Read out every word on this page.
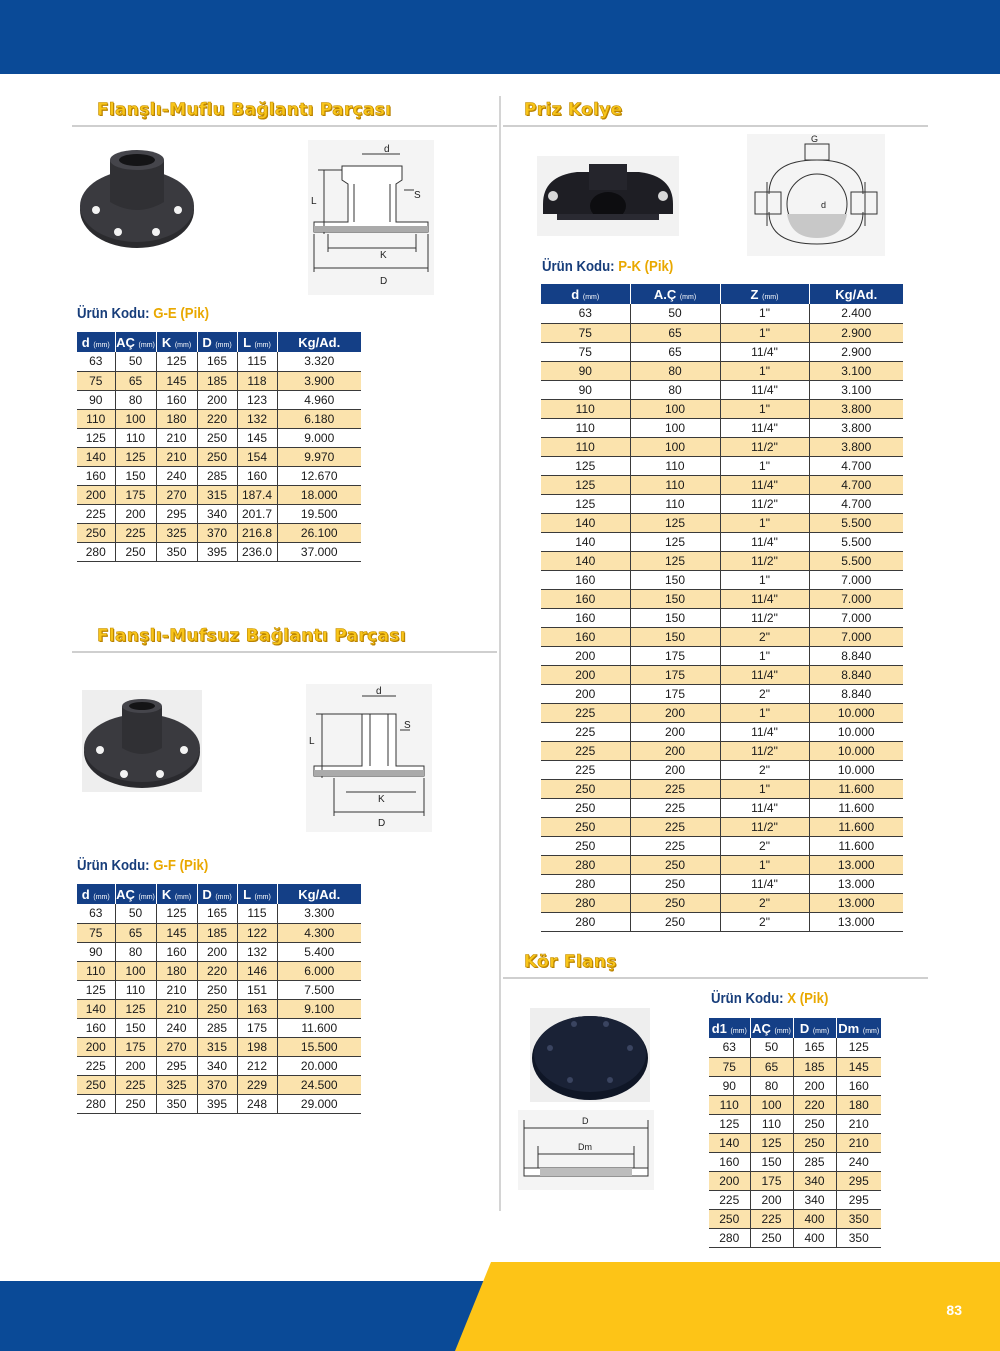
83
Flanşlı-Muflu Bağlantı Parçası
d
S
L
K
D
Ürün Kodu: G-E (Pik)
d (mm)	AÇ (mm)	K (mm)	D (mm)	L (mm)	Kg/Ad.
63	50	125	165	115	3.320
75	65	145	185	118	3.900
90	80	160	200	123	4.960
110	100	180	220	132	6.180
125	110	210	250	145	9.000
140	125	210	250	154	9.970
160	150	240	285	160	12.670
200	175	270	315	187.4	18.000
225	200	295	340	201.7	19.500
250	225	325	370	216.8	26.100
280	250	350	395	236.0	37.000
Flanşlı-Mufsuz Bağlantı Parçası
d
S
L
K
D
Ürün Kodu: G-F (Pik)
d (mm)	AÇ (mm)	K (mm)	D (mm)	L (mm)	Kg/Ad.
63	50	125	165	115	3.300
75	65	145	185	122	4.300
90	80	160	200	132	5.400
110	100	180	220	146	6.000
125	110	210	250	151	7.500
140	125	210	250	163	9.100
160	150	240	285	175	11.600
200	175	270	315	198	15.500
225	200	295	340	212	20.000
250	225	325	370	229	24.500
280	250	350	395	248	29.000
Priz Kolye
G
d
Ürün Kodu: P-K (Pik)
d (mm)	A.Ç (mm)	Z (mm)	Kg/Ad.
63	50	1"	2.400
75	65	1"	2.900
75	65	11/4"	2.900
90	80	1"	3.100
90	80	11/4"	3.100
110	100	1"	3.800
110	100	11/4"	3.800
110	100	11/2"	3.800
125	110	1"	4.700
125	110	11/4"	4.700
125	110	11/2"	4.700
140	125	1"	5.500
140	125	11/4"	5.500
140	125	11/2"	5.500
160	150	1"	7.000
160	150	11/4"	7.000
160	150	11/2"	7.000
160	150	2"	7.000
200	175	1"	8.840
200	175	11/4"	8.840
200	175	2"	8.840
225	200	1"	10.000
225	200	11/4"	10.000
225	200	11/2"	10.000
225	200	2"	10.000
250	225	1"	11.600
250	225	11/4"	11.600
250	225	11/2"	11.600
250	225	2"	11.600
280	250	1"	13.000
280	250	11/4"	13.000
280	250	2"	13.000
280	250	2"	13.000
Kör Flanş
D
Dm
Ürün Kodu: X (Pik)
d1 (mm)	AÇ (mm)	D (mm)	Dm (mm)
63	50	165	125
75	65	185	145
90	80	200	160
110	100	220	180
125	110	250	210
140	125	250	210
160	150	285	240
200	175	340	295
225	200	340	295
250	225	400	350
280	250	400	350
